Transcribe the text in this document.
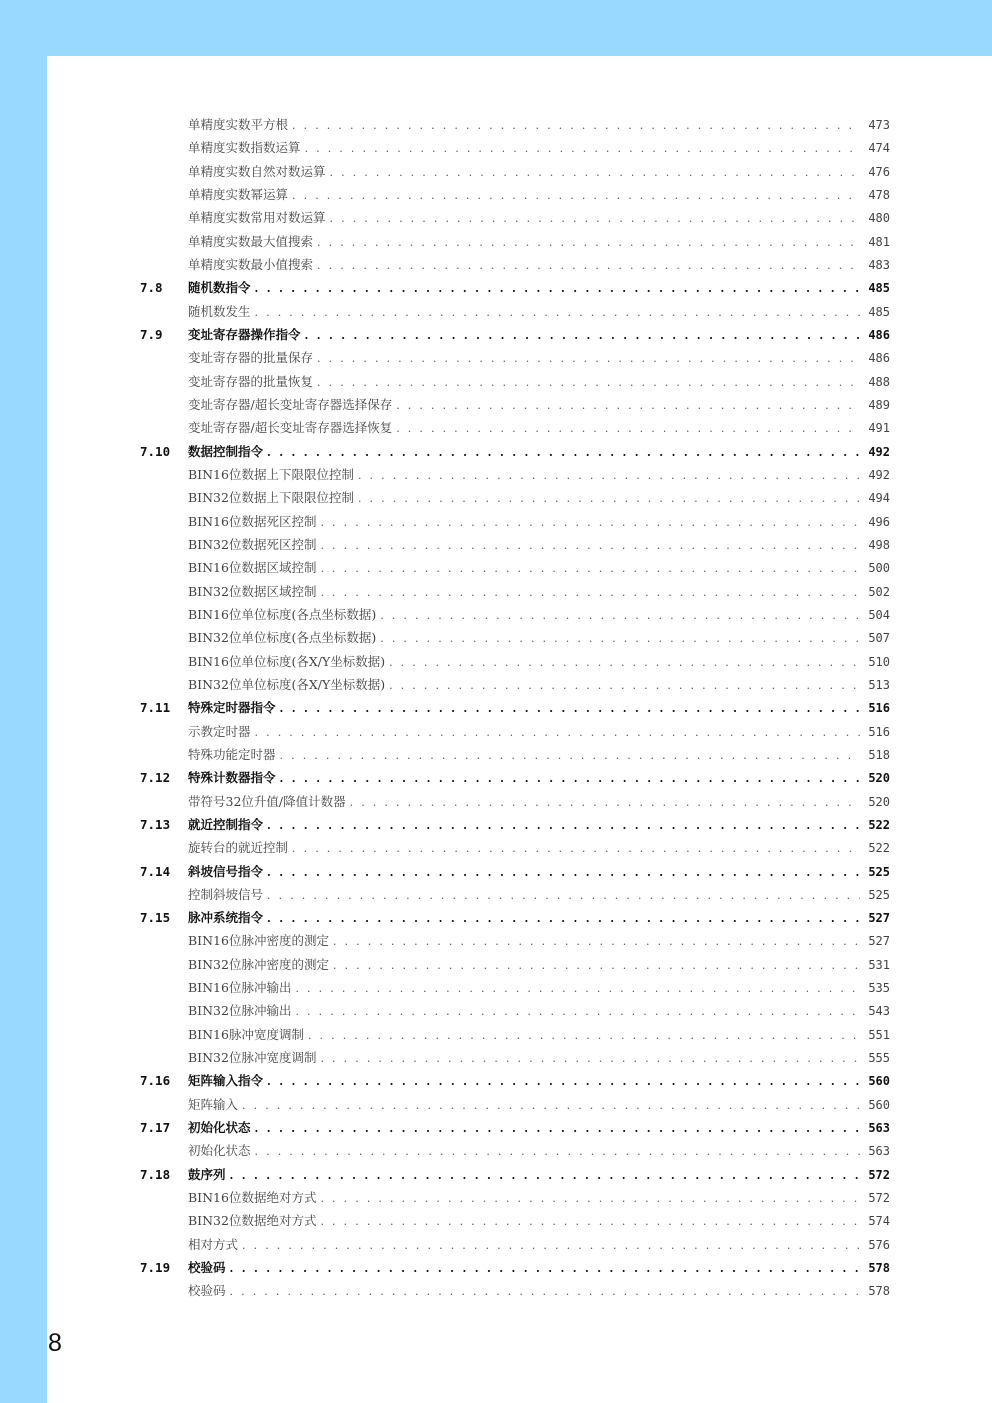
单精度实数平方根 . . .	473
单精度实数指数运算 . . .	474
单精度实数自然对数运算 . . .	476
单精度实数幂运算 . . .	478
单精度实数常用对数运算 . . .	480
单精度实数最大值搜索 . . .	481
单精度实数最小值搜索 . . .	483
7.8 随机数指令 . . .	485
随机数发生 . . .	485
7.9 变址寄存器操作指令 . . .	486
变址寄存器的批量保存 . . .	486
变址寄存器的批量恢复 . . .	488
变址寄存器/超长变址寄存器选择保存 . . .	489
变址寄存器/超长变址寄存器选择恢复 . . .	491
7.10 数据控制指令 . . .	492
BIN16位数据上下限限位控制 . . .	492
BIN32位数据上下限限位控制 . . .	494
BIN16位数据死区控制 . . .	496
BIN32位数据死区控制 . . .	498
BIN16位数据区域控制 . . .	500
BIN32位数据区域控制 . . .	502
BIN16位单位标度(各点坐标数据) . . .	504
BIN32位单位标度(各点坐标数据) . . .	507
BIN16位单位标度(各X/Y坐标数据) . . .	510
BIN32位单位标度(各X/Y坐标数据) . . .	513
7.11 特殊定时器指令 . . .	516
示教定时器 . . .	516
特殊功能定时器 . . .	518
7.12 特殊计数器指令 . . .	520
带符号32位升值/降值计数器 . . .	520
7.13 就近控制指令 . . .	522
旋转台的就近控制 . . .	522
7.14 斜坡信号指令 . . .	525
控制斜坡信号 . . .	525
7.15 脉冲系统指令 . . .	527
BIN16位脉冲密度的测定 . . .	527
BIN32位脉冲密度的测定 . . .	531
BIN16位脉冲输出 . . .	535
BIN32位脉冲输出 . . .	543
BIN16脉冲宽度调制 . . .	551
BIN32位脉冲宽度调制 . . .	555
7.16 矩阵输入指令 . . .	560
矩阵输入 . . .	560
7.17 初始化状态 . . .	563
初始化状态 . . .	563
7.18 鼓序列 . . .	572
BIN16位数据绝对方式 . . .	572
BIN32位数据绝对方式 . . .	574
相对方式 . . .	576
7.19 校验码 . . .	578
校验码 . . .	578
8
